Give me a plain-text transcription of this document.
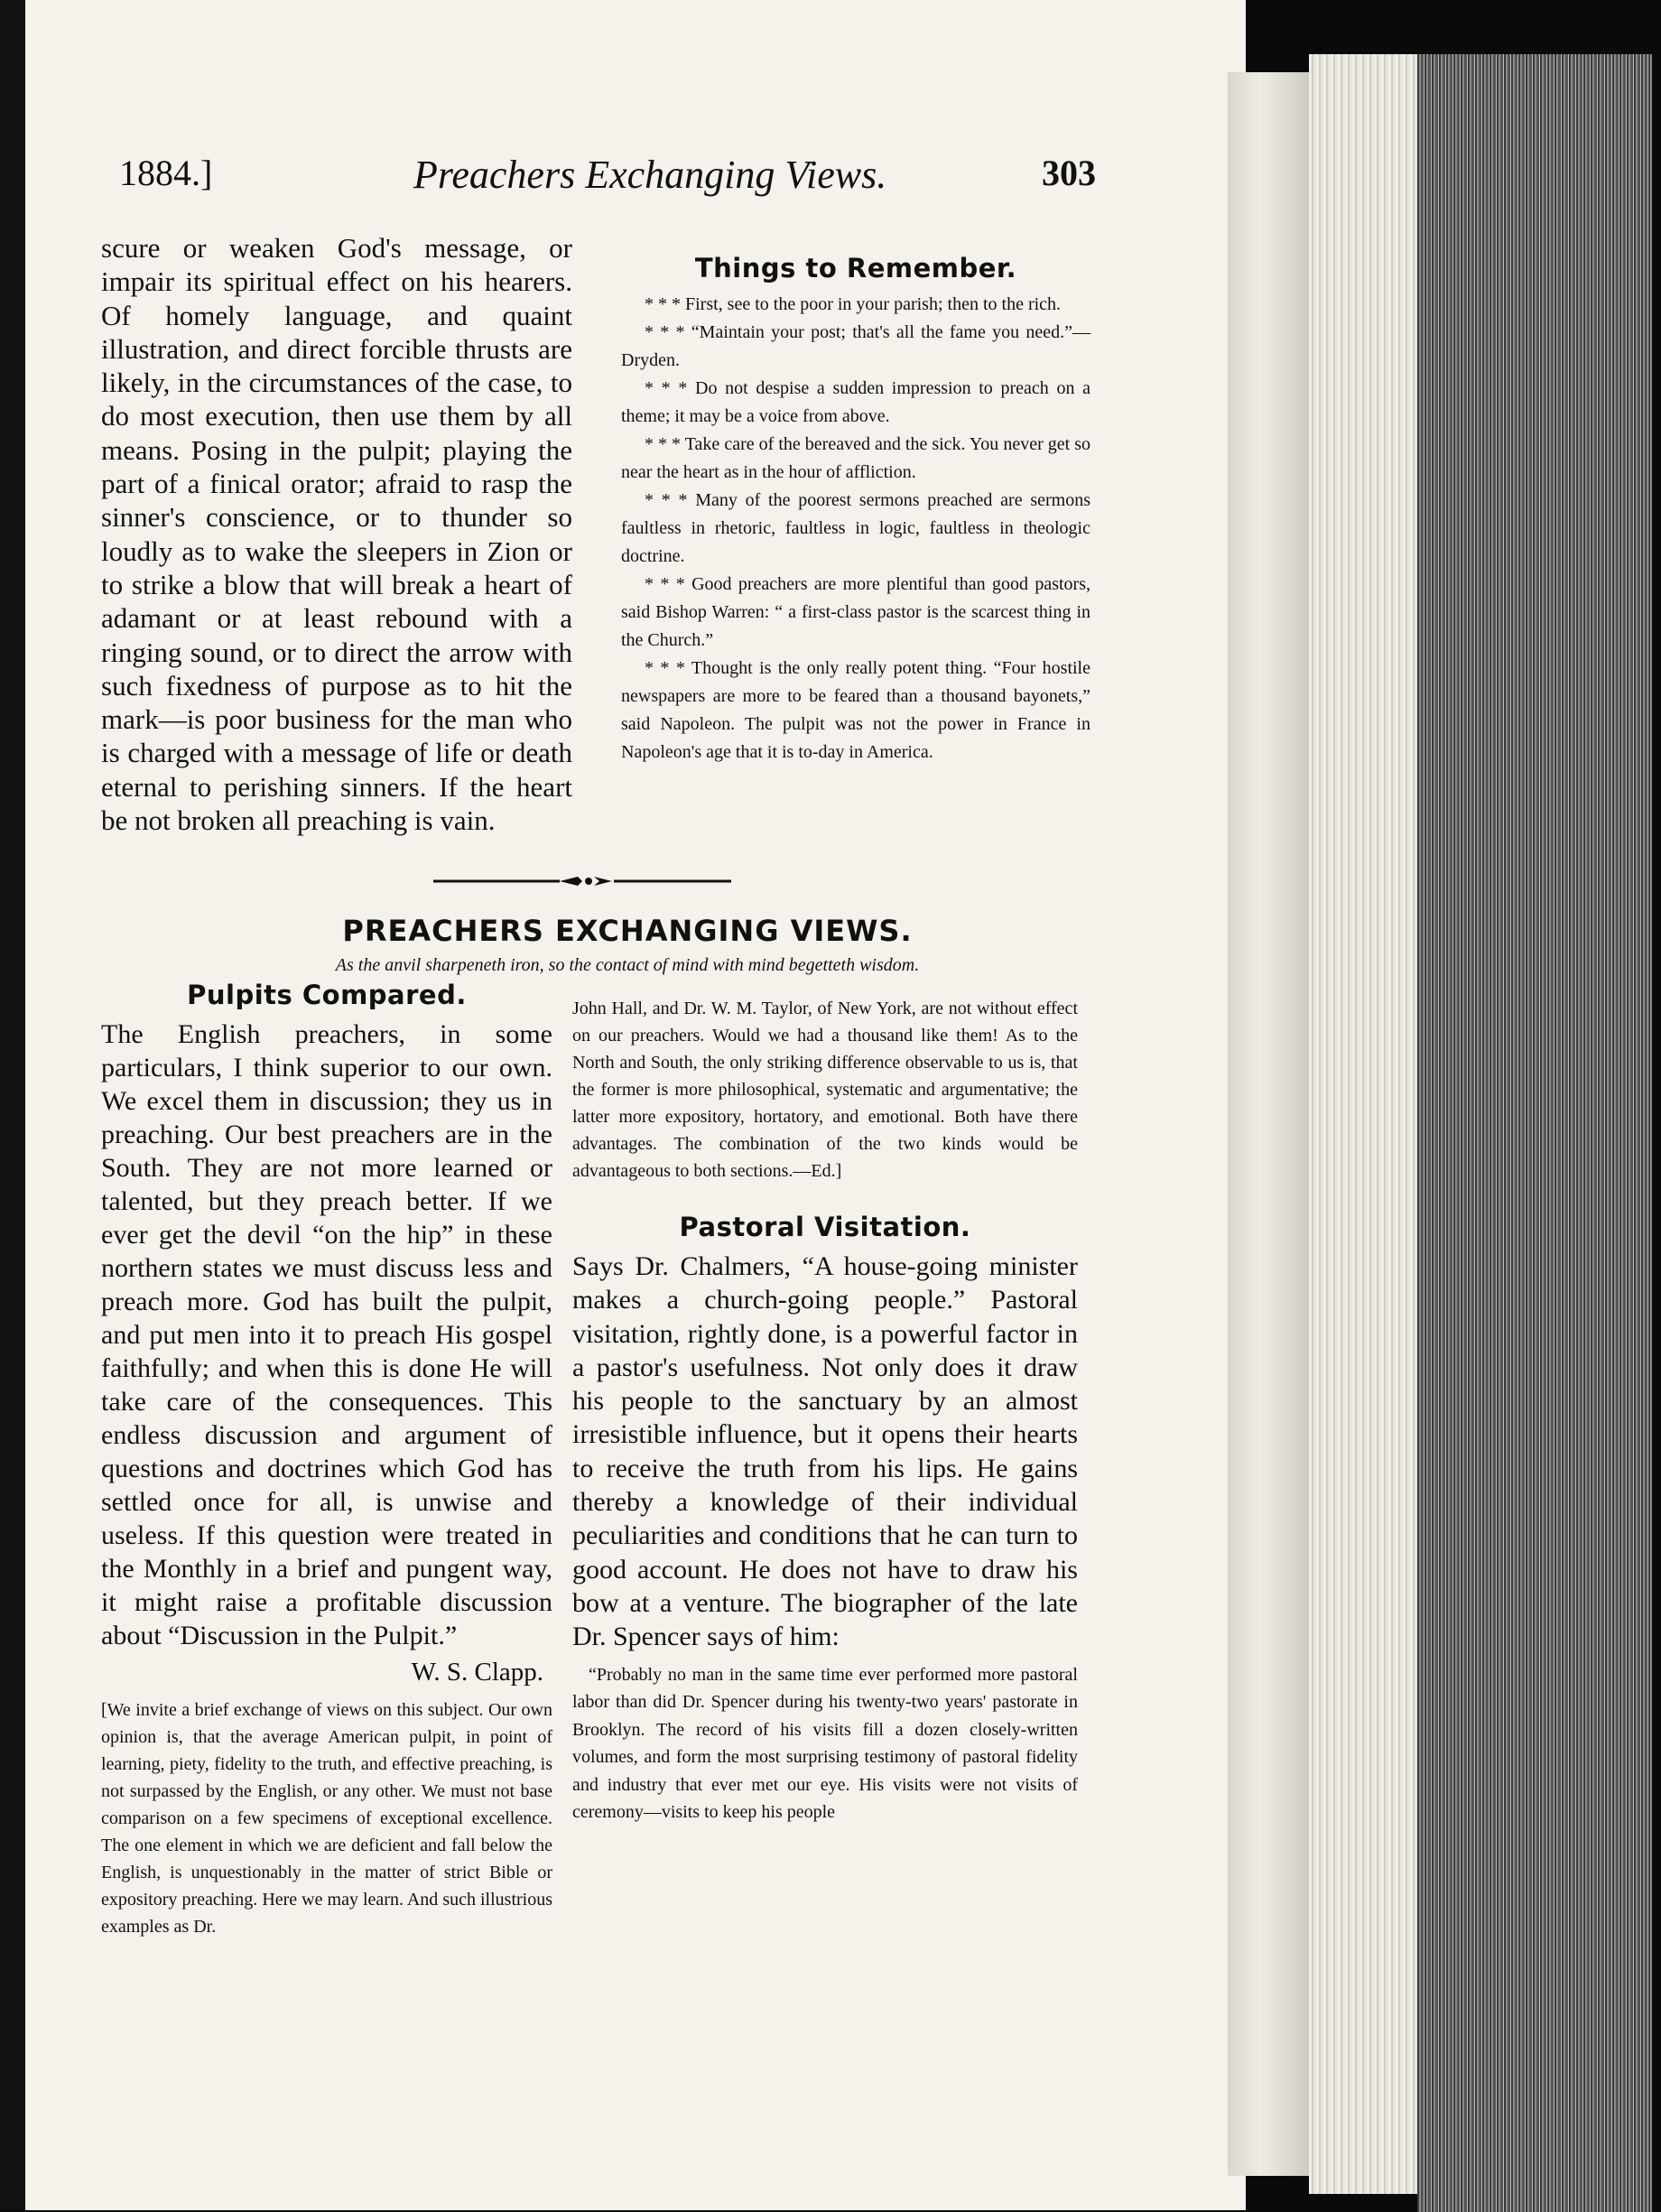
1884.]	Preachers Exchanging Views.	303

scure or weaken God's message, or impair its spiritual effect on his hearers. Of homely language, and quaint illustration, and direct forcible thrusts are likely, in the circumstances of the case, to do most execution, then use them by all means. Posing in the pulpit; playing the part of a finical orator; afraid to rasp the sinner's conscience, or to thunder so loudly as to wake the sleepers in Zion or to strike a blow that will break a heart of adamant or at least rebound with a ringing sound, or to direct the arrow with such fixedness of purpose as to hit the mark—is poor business for the man who is charged with a message of life or death eternal to perishing sinners. If the heart be not broken all preaching is vain.

Things to Remember.

* * * First, see to the poor in your parish; then to the rich.

* * * “Maintain your post; that's all the fame you need.”—Dryden.

* * * Do not despise a sudden impression to preach on a theme; it may be a voice from above.

* * * Take care of the bereaved and the sick. You never get so near the heart as in the hour of affliction.

* * * Many of the poorest sermons preached are sermons faultless in rhetoric, faultless in logic, faultless in theologic doctrine.

* * * Good preachers are more plentiful than good pastors, said Bishop Warren: “ a first-class pastor is the scarcest thing in the Church.”

* * * Thought is the only really potent thing. “Four hostile newspapers are more to be feared than a thousand bayonets,” said Napoleon. The pulpit was not the power in France in Napoleon's age that it is to-day in America.

PREACHERS EXCHANGING VIEWS.
As the anvil sharpeneth iron, so the contact of mind with mind begetteth wisdom.
Pulpits Compared.

The English preachers, in some particulars, I think superior to our own. We excel them in discussion; they us in preaching. Our best preachers are in the South. They are not more learned or talented, but they preach better. If we ever get the devil “on the hip” in these northern states we must discuss less and preach more. God has built the pulpit, and put men into it to preach His gospel faithfully; and when this is done He will take care of the consequences. This endless discussion and argument of questions and doctrines which God has settled once for all, is unwise and useless. If this question were treated in the Monthly in a brief and pungent way, it might raise a profitable discussion about “Discussion in the Pulpit.”

W. S. Clapp.

[We invite a brief exchange of views on this subject. Our own opinion is, that the average American pulpit, in point of learning, piety, fidelity to the truth, and effective preaching, is not surpassed by the English, or any other. We must not base comparison on a few specimens of exceptional excellence. The one element in which we are deficient and fall below the English, is unquestionably in the matter of strict Bible or expository preaching. Here we may learn. And such illustrious examples as Dr.

John Hall, and Dr. W. M. Taylor, of New York, are not without effect on our preachers. Would we had a thousand like them! As to the North and South, the only striking difference observable to us is, that the former is more philosophical, systematic and argumentative; the latter more expository, hortatory, and emotional. Both have there advantages. The combination of the two kinds would be advantageous to both sections.—Ed.]

Pastoral Visitation.

Says Dr. Chalmers, “A house-going minister makes a church-going people.” Pastoral visitation, rightly done, is a powerful factor in a pastor's usefulness. Not only does it draw his people to the sanctuary by an almost irresistible influence, but it opens their hearts to receive the truth from his lips. He gains thereby a knowledge of their individual peculiarities and conditions that he can turn to good account. He does not have to draw his bow at a venture. The biographer of the late Dr. Spencer says of him:

“Probably no man in the same time ever performed more pastoral labor than did Dr. Spencer during his twenty-two years' pastorate in Brooklyn. The record of his visits fill a dozen closely-written volumes, and form the most surprising testimony of pastoral fidelity and industry that ever met our eye. His visits were not visits of ceremony—visits to keep his people
